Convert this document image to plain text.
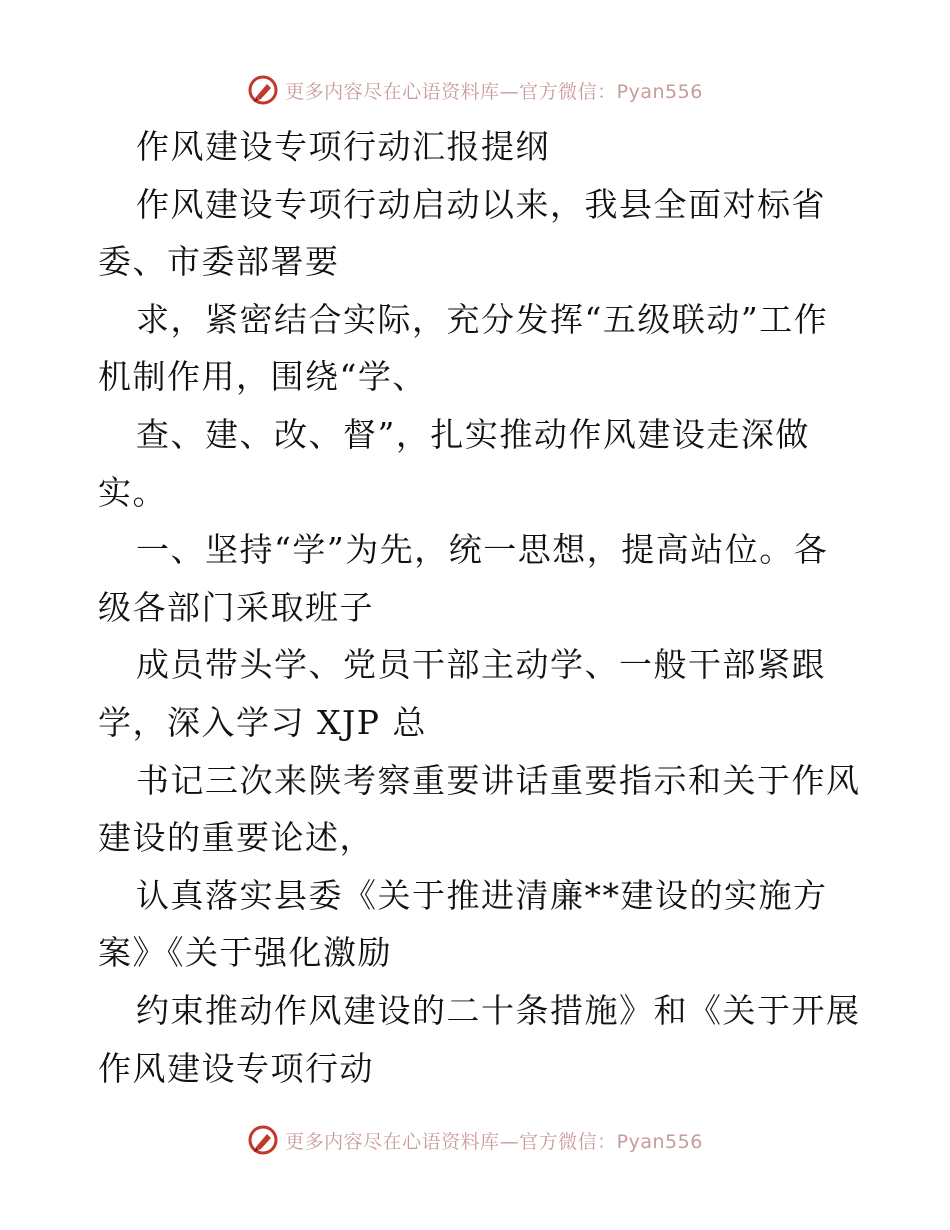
更多内容尽在心语资料库—官方微信：Pyan556
作风建设专项行动汇报提纲
作风建设专项行动启动以来，我县全面对标省
委、市委部署要
求，紧密结合实际，充分发挥“五级联动”工作
机制作用，围绕“学、
查、建、改、督”，扎实推动作风建设走深做
实。
一、坚持“学”为先，统一思想，提高站位。各
级各部门采取班子
成员带头学、党员干部主动学、一般干部紧跟
学，深入学习 XJP 总
书记三次来陕考察重要讲话重要指示和关于作风
建设的重要论述，
认真落实县委《关于推进清廉**建设的实施方
案》《关于强化激励
约束推动作风建设的二十条措施》和《关于开展
作风建设专项行动
更多内容尽在心语资料库—官方微信：Pyan556
